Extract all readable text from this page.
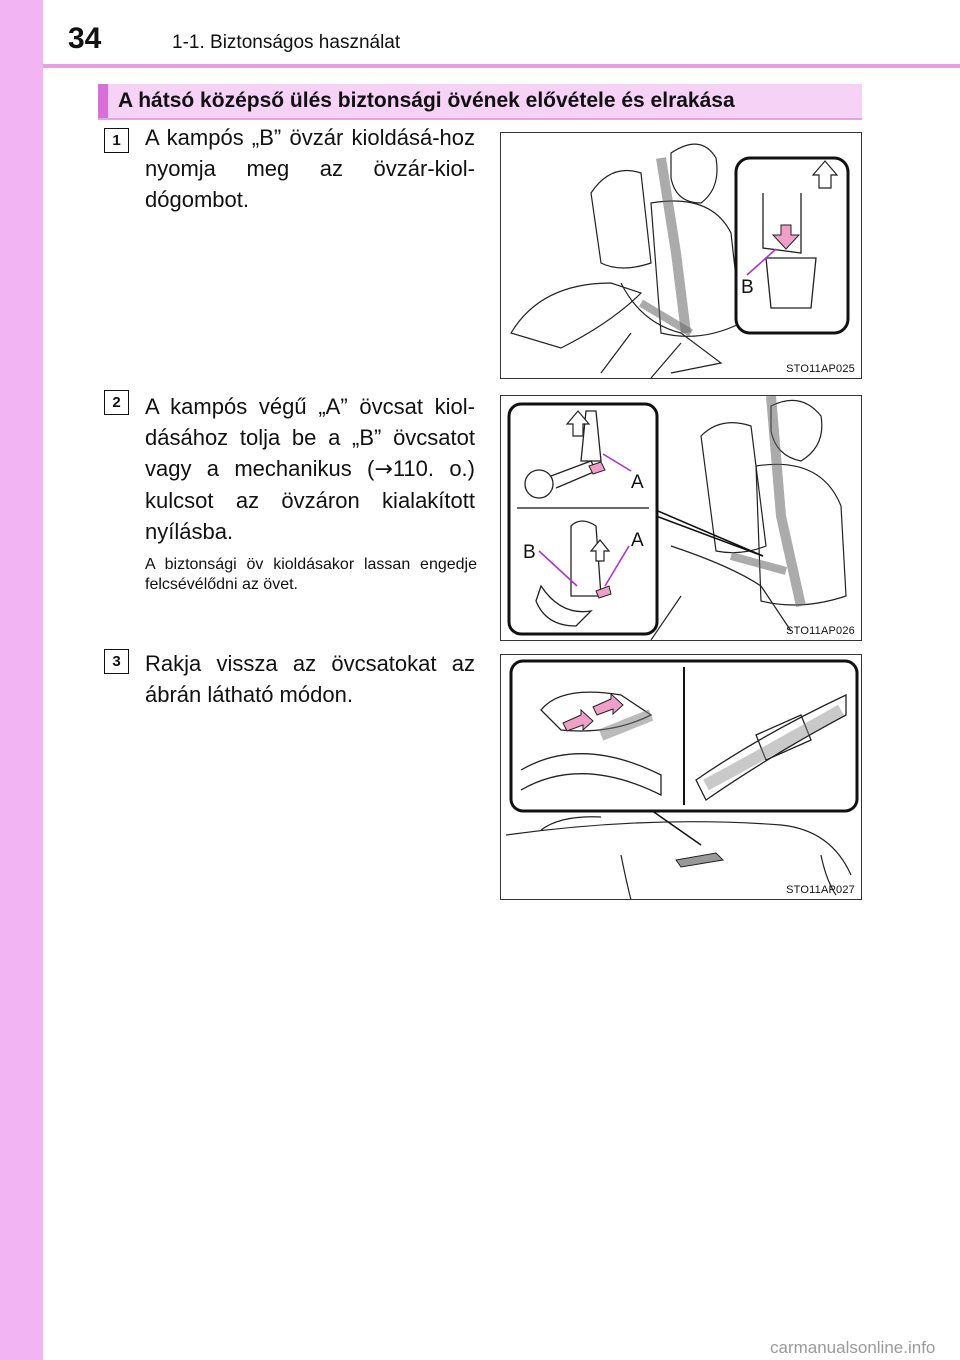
34	1-1. Biztonságos használat
A hátsó középső ülés biztonsági övének elővétele és elrakása
1	A kampós „B” övzár kioldásá-hoz nyomja meg az övzár-kiol-dógombot.
B
STO11AP025
2	A kampós végű „A” övcsat kiol-dásához tolja be a „B” övcsatot vagy a mechanikus (→110. o.) kulcsot az övzáron kialakított nyílásba.
A biztonsági öv kioldásakor lassan engedje felcsévélődni az övet.
A
A
B
STO11AP026
3	Rakja vissza az övcsatokat az ábrán látható módon.
STO11AP027
carmanualsonline.info
